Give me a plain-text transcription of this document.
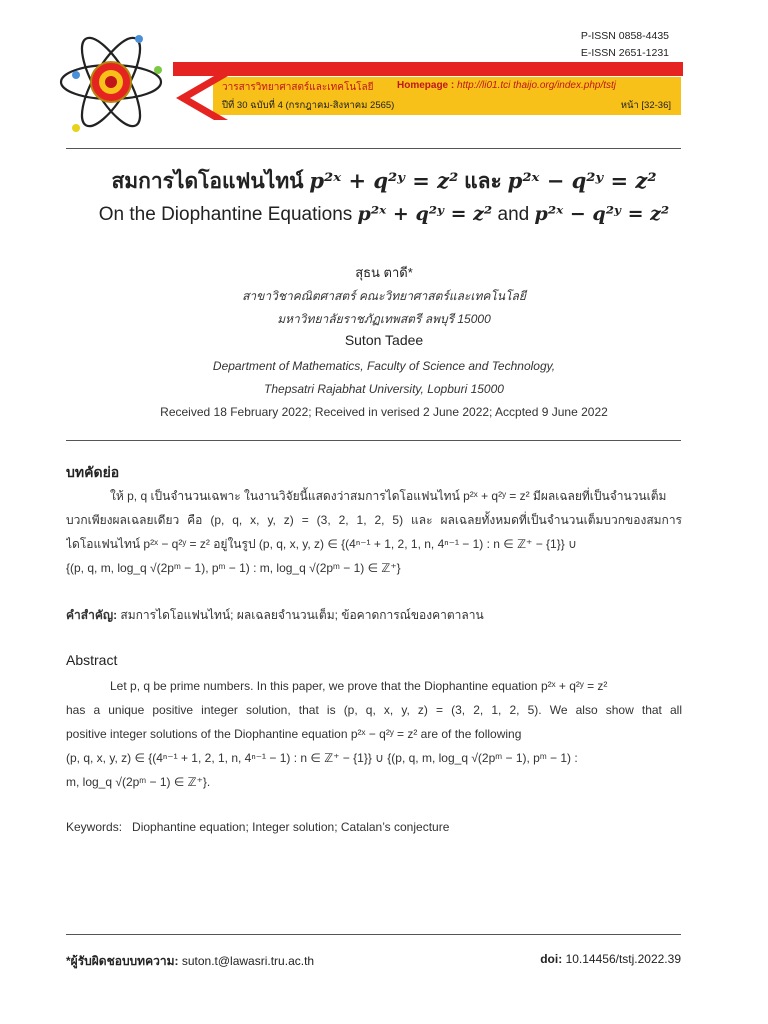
P-ISSN 0858-4435
E-ISSN 2651-1231
วารสารวิทยาศาสตร์และเทคโนโลยี Homepage : http://li01.tci thaijo.org/index.php/tstj
ปีที่ 30 ฉบับที่ 4 (กรกฎาคม-สิงหาคม 2565)	หน้า [32-36]
สมการไดโอแฟนไทน์ p²ˣ + q²ʸ = z² และ p²ˣ − q²ʸ = z²
On the Diophantine Equations p²ˣ + q²ʸ = z² and p²ˣ − q²ʸ = z²
สุธน ตาดี*
สาขาวิชาคณิตศาสตร์ คณะวิทยาศาสตร์และเทคโนโลยี
มหาวิทยาลัยราชภัฏเทพสตรี ลพบุรี 15000
Suton Tadee
Department of Mathematics, Faculty of Science and Technology,
Thepsatri Rajabhat University, Lopburi 15000
Received 18 February 2022; Received in verised 2 June 2022; Accpted 9 June 2022
บทคัดย่อ
ให้ p, q เป็นจำนวนเฉพาะ ในงานวิจัยนี้แสดงว่าสมการไดโอแฟนไทน์ p²ˣ + q²ʸ = z² มีผลเฉลยที่เป็นจำนวนเต็ม
บวกเพียงผลเฉลยเดียว คือ (p, q, x, y, z) = (3, 2, 1, 2, 5) และ ผลเฉลยทั้งหมดที่เป็นจำนวนเต็มบวกของสมการ
ไดโอแฟนไทน์ p²ˣ − q²ʸ = z² อยู่ในรูป (p, q, x, y, z) ∈ {(4ⁿ⁻¹ + 1, 2, 1, n, 4ⁿ⁻¹ − 1) : n ∈ ℤ⁺ − {1}} ∪
{(p, q, m, log_q √(2pᵐ − 1), pᵐ − 1) : m, log_q √(2pᵐ − 1) ∈ ℤ⁺}
คำสำคัญ: สมการไดโอแฟนไทน์; ผลเฉลยจำนวนเต็ม; ข้อคาดการณ์ของคาตาลาน
Abstract
Let p, q be prime numbers. In this paper, we prove that the Diophantine equation p²ˣ + q²ʸ = z²
has a unique positive integer solution, that is (p, q, x, y, z) = (3, 2, 1, 2, 5). We also show that all
positive integer solutions of the Diophantine equation p²ˣ − q²ʸ = z² are of the following
(p, q, x, y, z) ∈ {(4ⁿ⁻¹ + 1, 2, 1, n, 4ⁿ⁻¹ − 1) : n ∈ ℤ⁺ − {1}} ∪ {(p, q, m, log_q √(2pᵐ − 1), pᵐ − 1) :
m, log_q √(2pᵐ − 1) ∈ ℤ⁺}.
Keywords: Diophantine equation; Integer solution; Catalan’s conjecture
*ผู้รับผิดชอบบทความ: suton.t@lawasri.tru.ac.th	doi: 10.14456/tstj.2022.39
